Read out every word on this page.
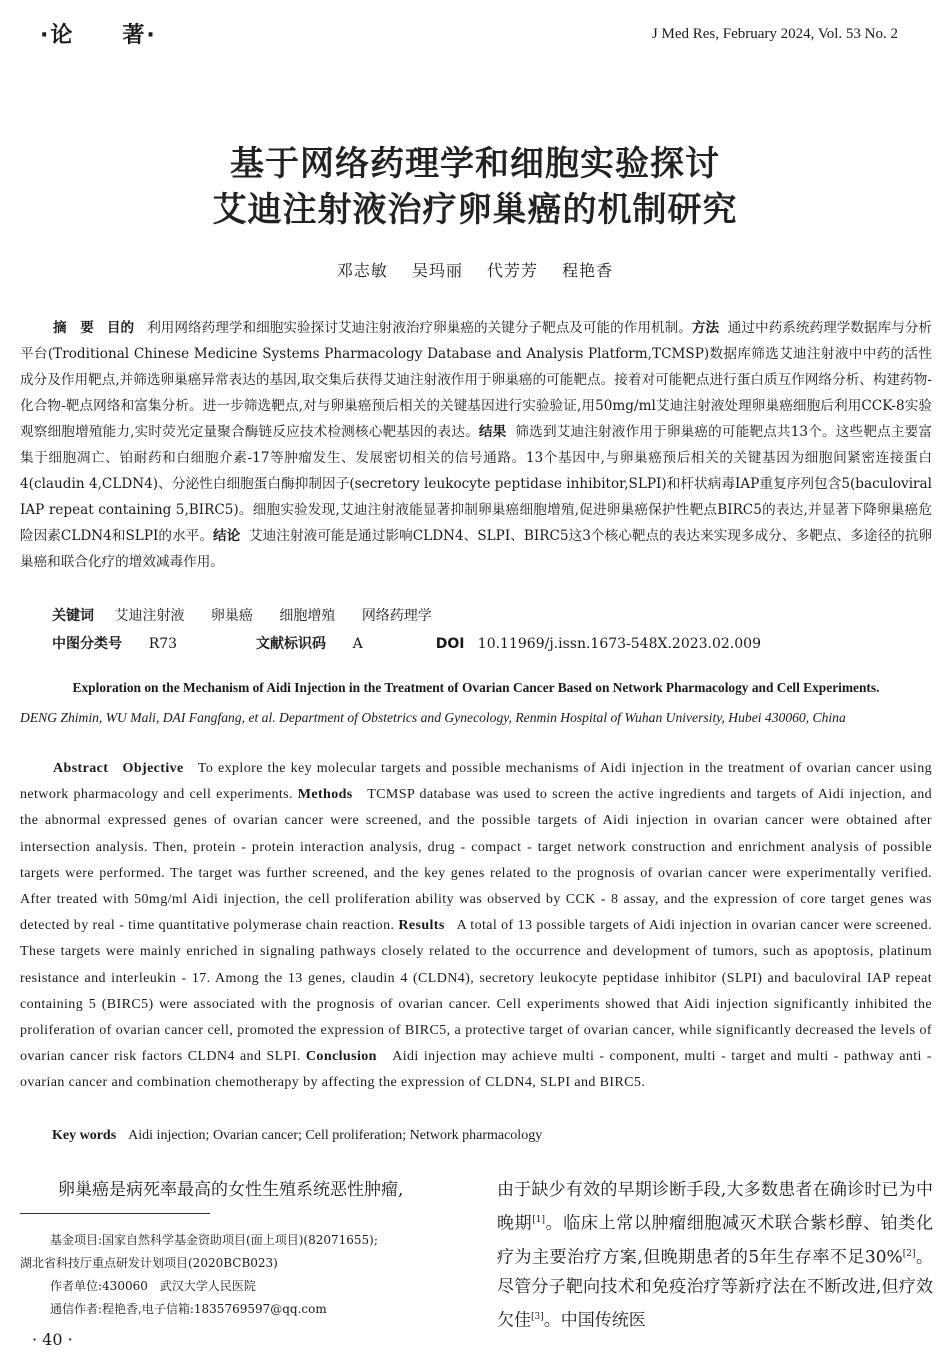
·论　　著·	J Med Res, February 2024, Vol. 53 No. 2
基于网络药理学和细胞实验探讨
艾迪注射液治疗卵巢癌的机制研究
邓志敏 吴玛丽 代芳芳 程艳香
摘　要 目的 利用网络药理学和细胞实验探讨艾迪注射液治疗卵巢癌的关键分子靶点及可能的作用机制。方法 通过中药系统药理学数据库与分析平台(Troditional Chinese Medicine Systems Pharmacology Database and Analysis Platform,TCMSP)数据库筛选艾迪注射液中中药的活性成分及作用靶点,并筛选卵巢癌异常表达的基因,取交集后获得艾迪注射液作用于卵巢癌的可能靶点。接着对可能靶点进行蛋白质互作网络分析、构建药物-化合物-靶点网络和富集分析。进一步筛选靶点,对与卵巢癌预后相关的关键基因进行实验验证,用50mg/ml艾迪注射液处理卵巢癌细胞后利用CCK-8实验观察细胞增殖能力,实时荧光定量聚合酶链反应技术检测核心靶基因的表达。结果 筛选到艾迪注射液作用于卵巢癌的可能靶点共13个。这些靶点主要富集于细胞凋亡、铂耐药和白细胞介素-17等肿瘤发生、发展密切相关的信号通路。13个基因中,与卵巢癌预后相关的关键基因为细胞间紧密连接蛋白4(claudin 4,CLDN4)、分泌性白细胞蛋白酶抑制因子(secretory leukocyte peptidase inhibitor,SLPI)和杆状病毒IAP重复序列包含5(baculoviral IAP repeat containing 5,BIRC5)。细胞实验发现,艾迪注射液能显著抑制卵巢癌细胞增殖,促进卵巢癌保护性靶点BIRC5的表达,并显著下降卵巢癌危险因素CLDN4和SLPI的水平。结论 艾迪注射液可能是通过影响CLDN4、SLPI、BIRC5这3个核心靶点的表达来实现多成分、多靶点、多途径的抗卵巢癌和联合化疗的增效减毒作用。
关键词 艾迪注射液 卵巢癌 细胞增殖 网络药理学
中图分类号 R73	文献标识码 A	DOI 10.11969/j.issn.1673-548X.2023.02.009
Exploration on the Mechanism of Aidi Injection in the Treatment of Ovarian Cancer Based on Network Pharmacology and Cell Experiments.
DENG Zhimin, WU Mali, DAI Fangfang, et al. Department of Obstetrics and Gynecology, Renmin Hospital of Wuhan University, Hubei 430060, China
Abstract Objective To explore the key molecular targets and possible mechanisms of Aidi injection in the treatment of ovarian cancer using network pharmacology and cell experiments. Methods TCMSP database was used to screen the active ingredients and targets of Aidi injection, and the abnormal expressed genes of ovarian cancer were screened, and the possible targets of Aidi injection in ovarian cancer were obtained after intersection analysis. Then, protein - protein interaction analysis, drug - compact - target network construction and enrichment analysis of possible targets were performed. The target was further screened, and the key genes related to the prognosis of ovarian cancer were experimentally verified. After treated with 50mg/ml Aidi injection, the cell proliferation ability was observed by CCK - 8 assay, and the expression of core target genes was detected by real - time quantitative polymerase chain reaction. Results A total of 13 possible targets of Aidi injection in ovarian cancer were screened. These targets were mainly enriched in signaling pathways closely related to the occurrence and development of tumors, such as apoptosis, platinum resistance and interleukin - 17. Among the 13 genes, claudin 4 (CLDN4), secretory leukocyte peptidase inhibitor (SLPI) and baculoviral IAP repeat containing 5 (BIRC5) were associated with the prognosis of ovarian cancer. Cell experiments showed that Aidi injection significantly inhibited the proliferation of ovarian cancer cell, promoted the expression of BIRC5, a protective target of ovarian cancer, while significantly decreased the levels of ovarian cancer risk factors CLDN4 and SLPI. Conclusion Aidi injection may achieve multi - component, multi - target and multi - pathway anti - ovarian cancer and combination chemotherapy by affecting the expression of CLDN4, SLPI and BIRC5.
Key words Aidi injection; Ovarian cancer; Cell proliferation; Network pharmacology
卵巢癌是病死率最高的女性生殖系统恶性肿瘤,	由于缺少有效的早期诊断手段,大多数患者在确诊时已为中晚期[1]。临床上常以肿瘤细胞减灭术联合紫杉醇、铂类化疗为主要治疗方案,但晚期患者的5年生存率不足30%[2]。尽管分子靶向技术和免疫治疗等新疗法在不断改进,但疗效欠佳[3]。中国传统医
基金项目:国家自然科学基金资助项目(面上项目)(82071655);
湖北省科技厅重点研发计划项目(2020BCB023)
作者单位:430060　武汉大学人民医院
通信作者:程艳香,电子信箱:1835769597@qq.com
· 40 ·
